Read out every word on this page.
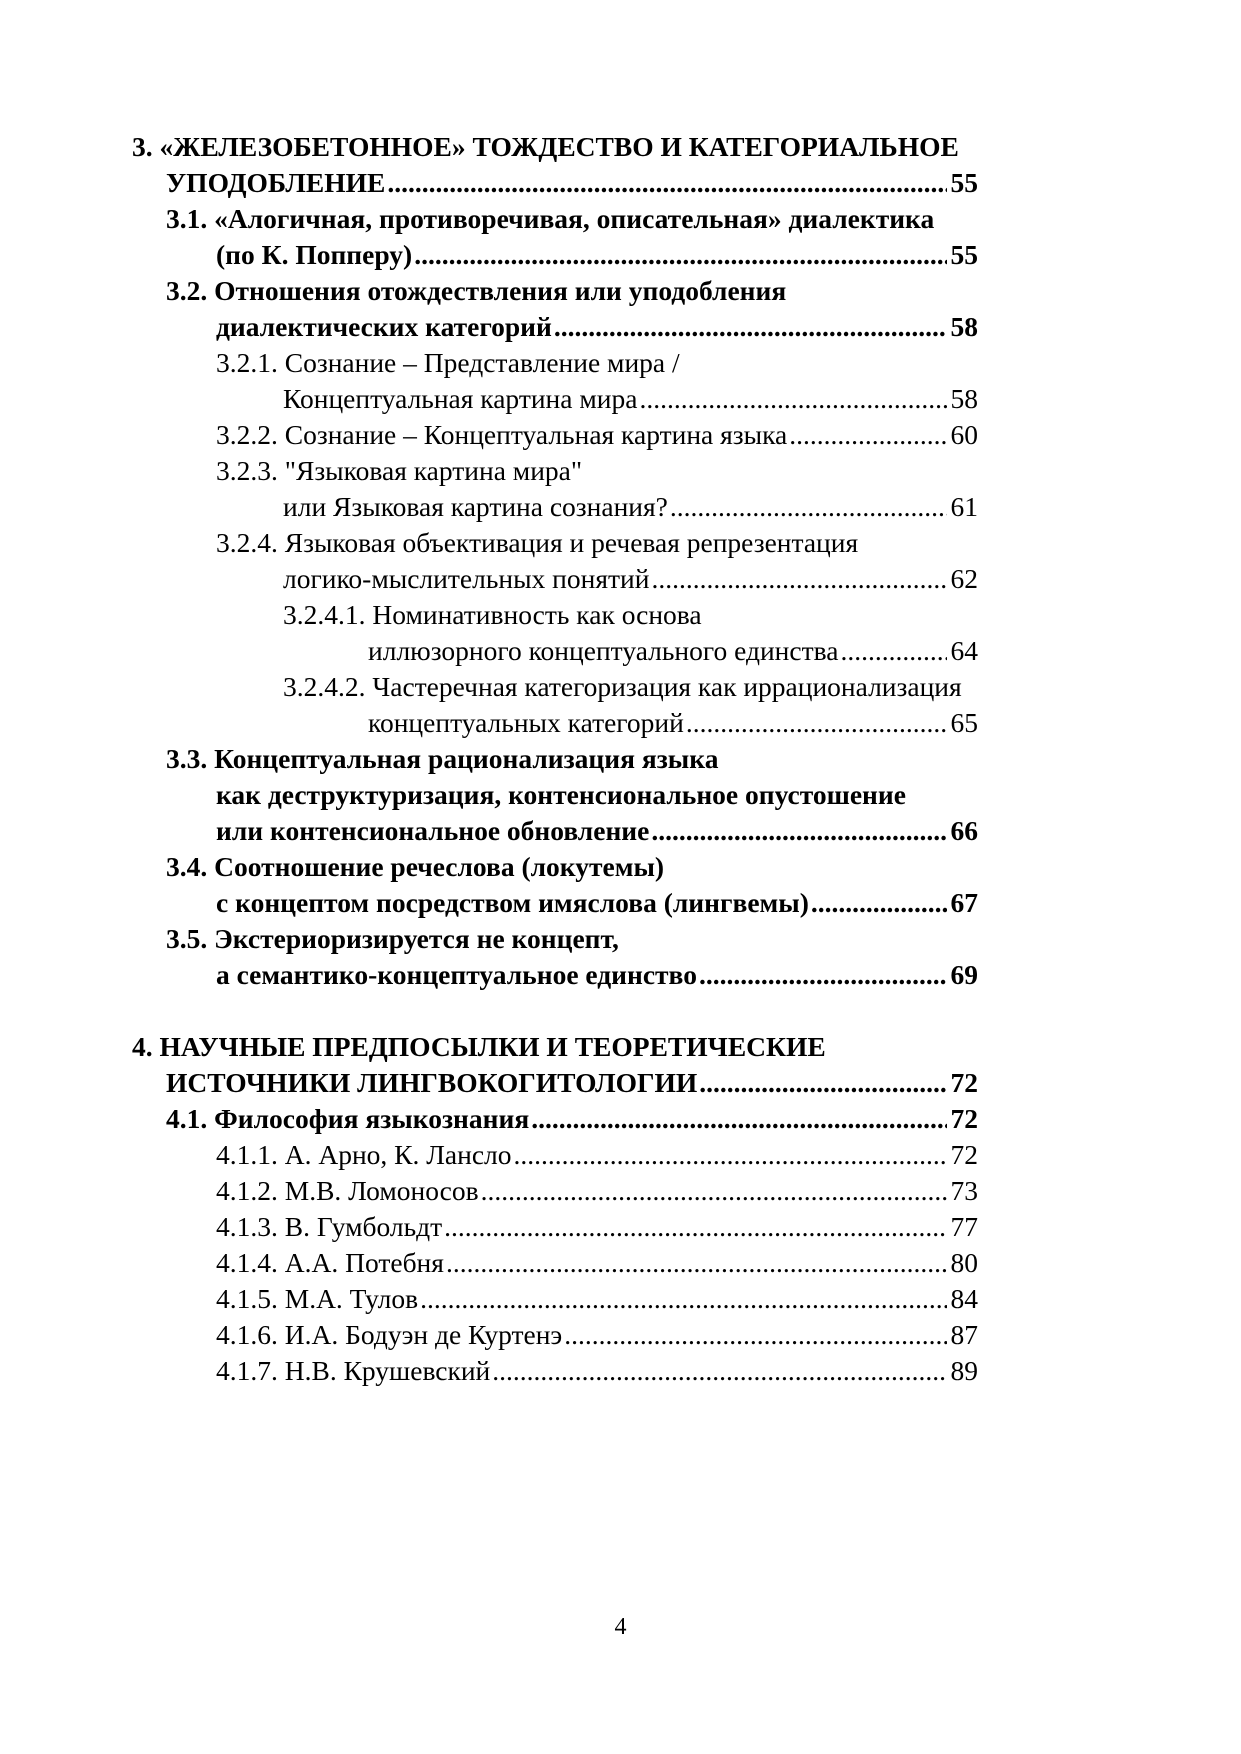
3. «ЖЕЛЕЗОБЕТОННОЕ» ТОЖДЕСТВО И КАТЕГОРИАЛЬНОЕ
УПОДОБЛЕНИЕ .....	55
3.1. «Алогичная, противоречивая, описательная» диалектика
(по К. Попперу) .....	55
3.2. Отношения отождествления или уподобления
диалектических категорий .....	58
3.2.1. Сознание – Представление мира /
Концептуальная картина мира .....	58
3.2.2. Сознание – Концептуальная картина языка .....	60
3.2.3. "Языковая картина мира"
или Языковая картина сознания? .....	61
3.2.4. Языковая объективация и речевая репрезентация
логико-мыслительных понятий .....	62
3.2.4.1. Номинативность как основа
иллюзорного концептуального единства .....	64
3.2.4.2. Частеречная категоризация как иррационализация
концептуальных категорий .....	65
3.3. Концептуальная рационализация языка
как деструктуризация, контенсиональное опустошение
или контенсиональное обновление .....	66
3.4. Соотношение речеслова (локутемы)
с концептом посредством имяслова (лингвемы) .....	67
3.5. Экстериоризируется не концепт,
а семантико-концептуальное единство .....	69
4. НАУЧНЫЕ ПРЕДПОСЫЛКИ И ТЕОРЕТИЧЕСКИЕ
ИСТОЧНИКИ ЛИНГВОКОГИТОЛОГИИ .....	72
4.1. Философия языкознания .....	72
4.1.1. А. Арно, К. Лансло .....	72
4.1.2. М.В. Ломоносов .....	73
4.1.3. В. Гумбольдт .....	77
4.1.4. А.А. Потебня .....	80
4.1.5. М.А. Тулов .....	84
4.1.6. И.А. Бодуэн де Куртенэ .....	87
4.1.7. Н.В. Крушевский .....	89
4
